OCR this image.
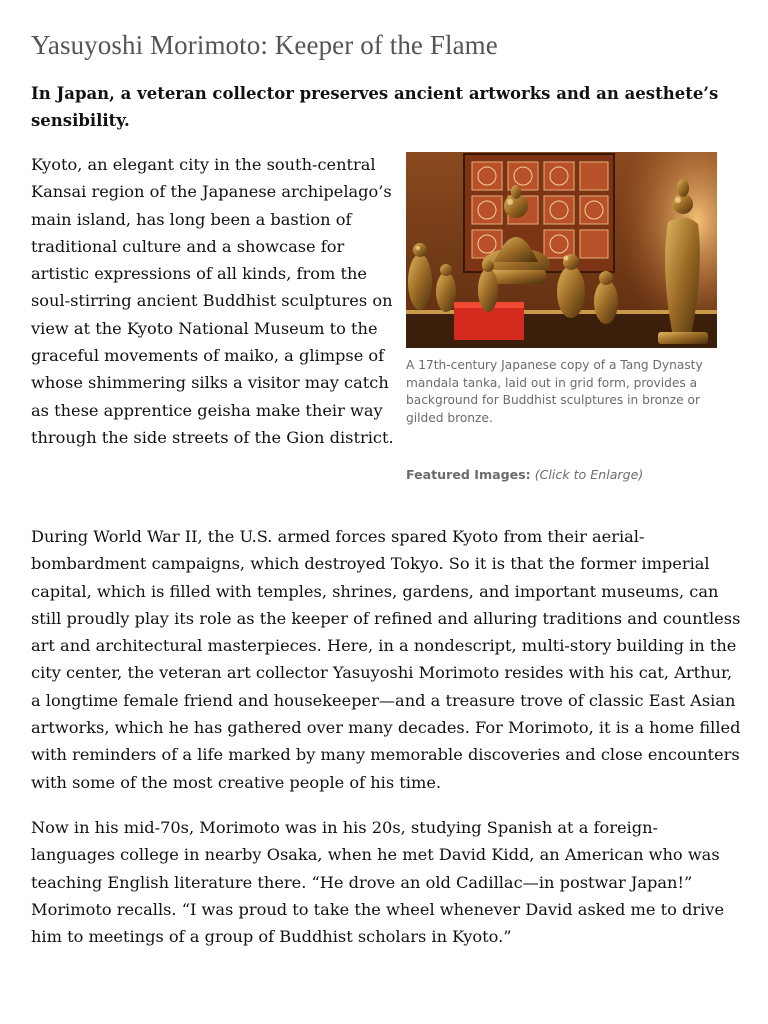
Yasuyoshi Morimoto: Keeper of the Flame

In Japan, a veteran collector preserves ancient artworks and an aesthete’s sensibility.

Kyoto, an elegant city in the south-central Kansai region of the Japanese archipelago’s main island, has long been a bastion of traditional culture and a showcase for artistic expressions of all kinds, from the soul-stirring ancient Buddhist sculptures on view at the Kyoto National Museum to the graceful movements of maiko, a glimpse of whose shimmering silks a visitor may catch as these apprentice geisha make their way through the side streets of the Gion district.

A 17th-century Japanese copy of a Tang Dynasty mandala tanka, laid out in grid form, provides a background for Buddhist sculptures in bronze or gilded bronze.
Featured Images: (Click to Enlarge)

During World War II, the U.S. armed forces spared Kyoto from their aerial-bombardment campaigns, which destroyed Tokyo. So it is that the former imperial capital, which is filled with temples, shrines, gardens, and important museums, can still proudly play its role as the keeper of refined and alluring traditions and countless art and architectural masterpieces. Here, in a nondescript, multi-story building in the city center, the veteran art collector Yasuyoshi Morimoto resides with his cat, Arthur, a longtime female friend and housekeeper—and a treasure trove of classic East Asian artworks, which he has gathered over many decades. For Morimoto, it is a home filled with reminders of a life marked by many memorable discoveries and close encounters with some of the most creative people of his time.

Now in his mid-70s, Morimoto was in his 20s, studying Spanish at a foreign-languages college in nearby Osaka, when he met David Kidd, an American who was teaching English literature there. “He drove an old Cadillac—in postwar Japan!” Morimoto recalls. “I was proud to take the wheel whenever David asked me to drive him to meetings of a group of Buddhist scholars in Kyoto.”
